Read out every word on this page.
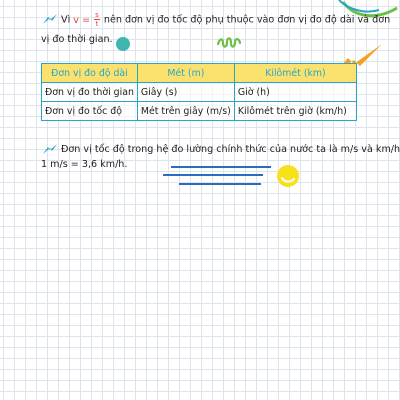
Vì $v = \frac{s}{t}$ nên đơn vị đo tốc độ phụ thuộc vào đơn vị đo độ dài và đơn
vị đo thời gian.
Đơn vị đo độ dài	Mét (m)	Kilômét (km)
Đơn vị đo thời gian	Giây (s)	Giờ (h)
Đơn vị đo tốc độ	Mét trên giây (m/s)	Kilômét trên giờ (km/h)
Đơn vị tốc độ trong hệ đo lường chính thức của nước ta là m/s và km/h
1 m/s = 3,6 km/h.
